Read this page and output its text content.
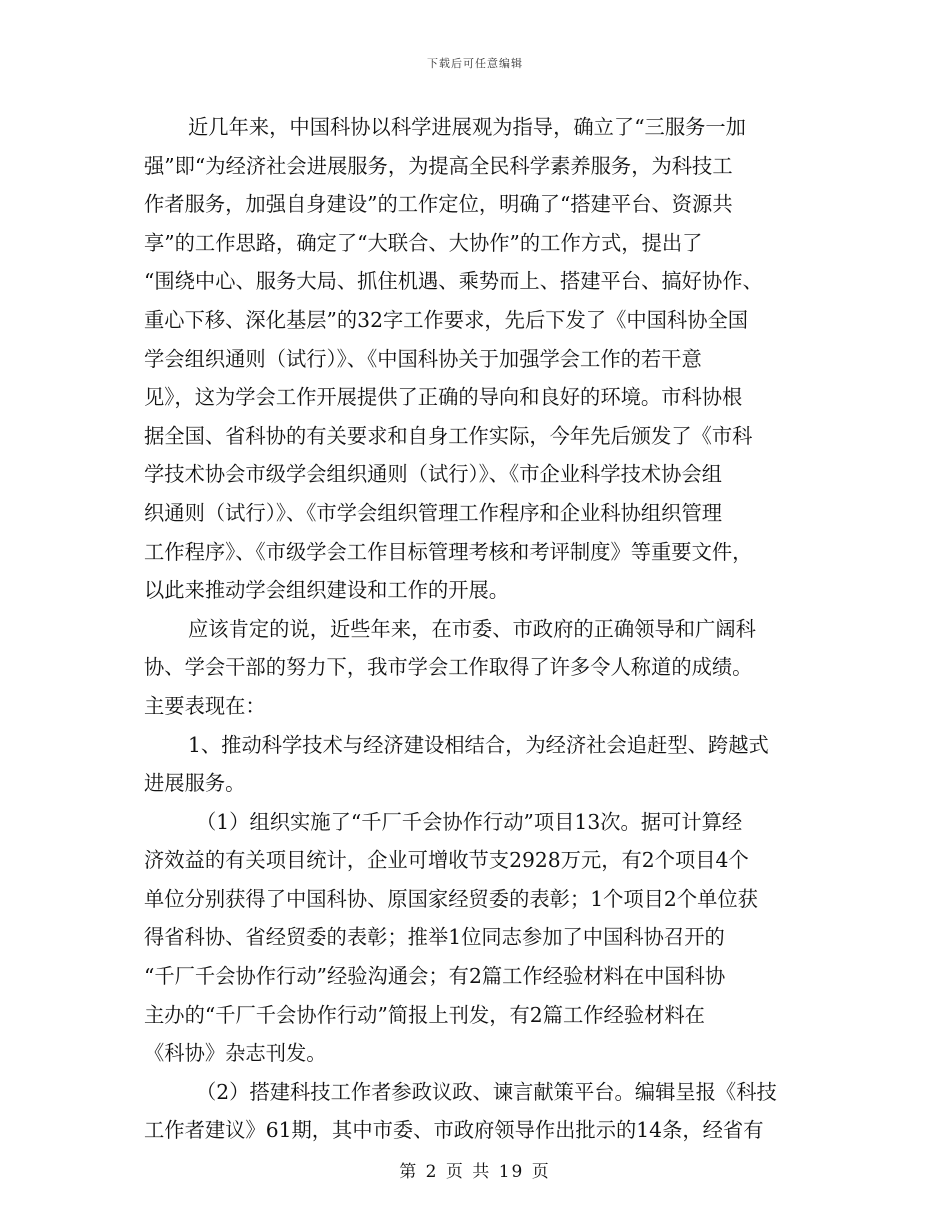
下载后可任意编辑
近几年来，中国科协以科学进展观为指导，确立了“三服务一加
强”即“为经济社会进展服务，为提高全民科学素养服务，为科技工
作者服务，加强自身建设”的工作定位，明确了“搭建平台、资源共
享”的工作思路，确定了“大联合、大协作”的工作方式，提出了
“围绕中心、服务大局、抓住机遇、乘势而上、搭建平台、搞好协作、
重心下移、深化基层”的32字工作要求，先后下发了《中国科协全国
学会组织通则（试行）》、《中国科协关于加强学会工作的若干意
见》，这为学会工作开展提供了正确的导向和良好的环境。市科协根
据全国、省科协的有关要求和自身工作实际，今年先后颁发了《市科
学技术协会市级学会组织通则（试行）》、《市企业科学技术协会组
织通则（试行）》、《市学会组织管理工作程序和企业科协组织管理
工作程序》、《市级学会工作目标管理考核和考评制度》等重要文件，
以此来推动学会组织建设和工作的开展。
应该肯定的说，近些年来，在市委、市政府的正确领导和广阔科
协、学会干部的努力下，我市学会工作取得了许多令人称道的成绩。
主要表现在：
1、推动科学技术与经济建设相结合，为经济社会追赶型、跨越式
进展服务。
（1）组织实施了“千厂千会协作行动”项目13次。据可计算经
济效益的有关项目统计，企业可增收节支2928万元，有2个项目4个
单位分别获得了中国科协、原国家经贸委的表彰；1个项目2个单位获
得省科协、省经贸委的表彰；推举1位同志参加了中国科协召开的
“千厂千会协作行动”经验沟通会；有2篇工作经验材料在中国科协
主办的“千厂千会协作行动”简报上刊发，有2篇工作经验材料在
《科协》杂志刊发。
（2）搭建科技工作者参政议政、谏言献策平台。编辑呈报《科技
工作者建议》61期，其中市委、市政府领导作出批示的14条，经省有
第 2 页 共 19 页
